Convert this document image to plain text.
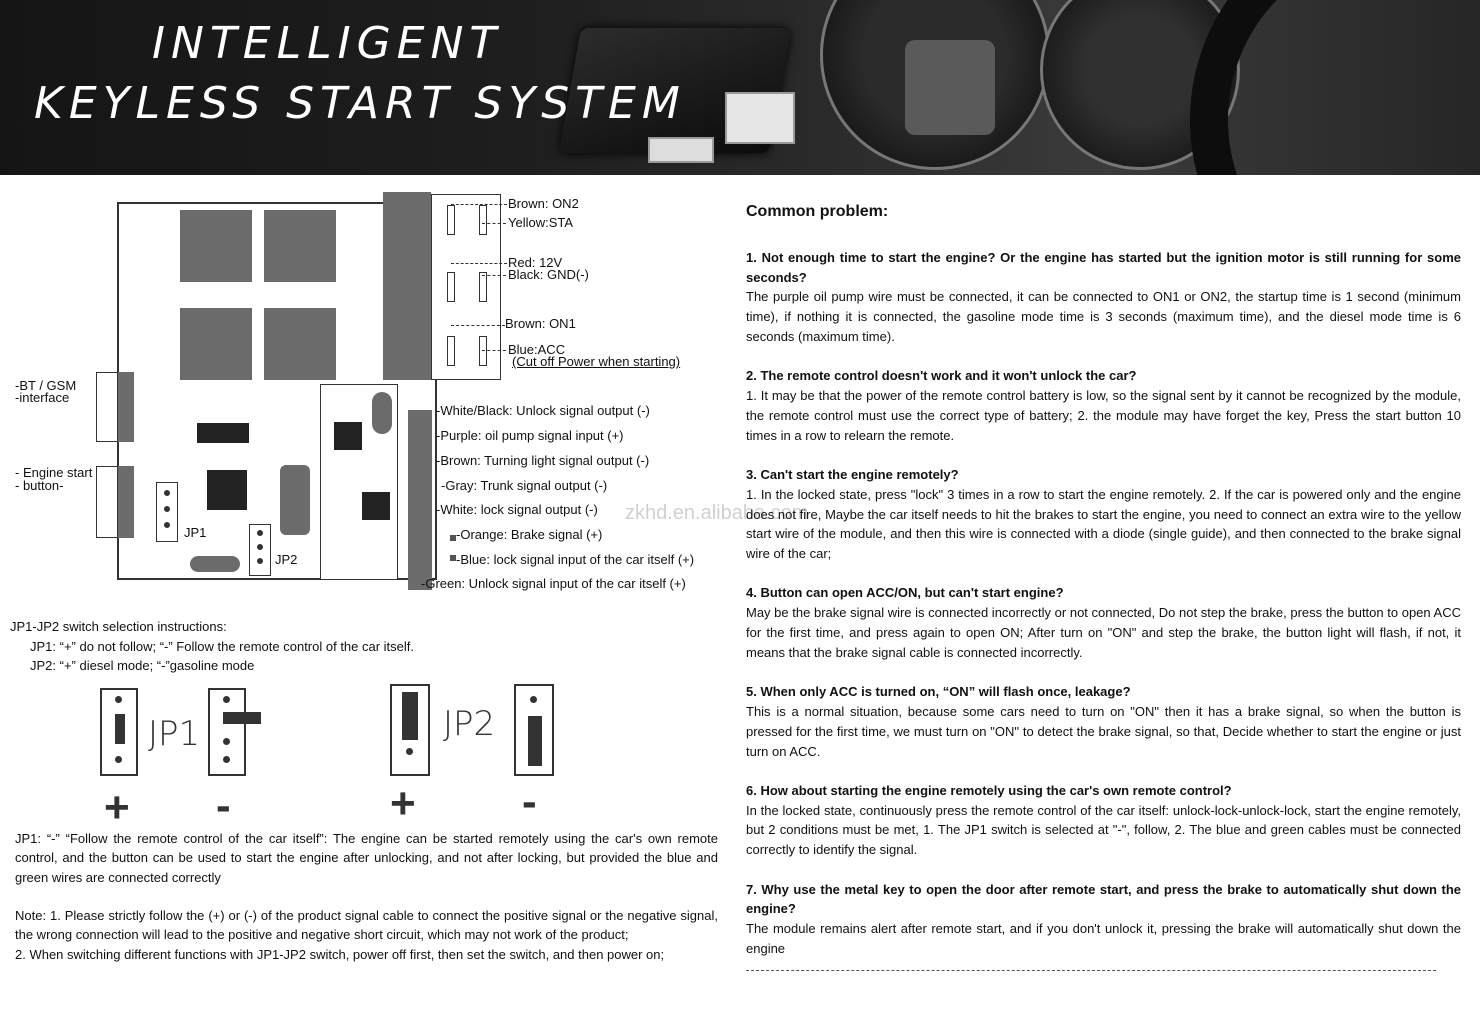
INTELLIGENT
KEYLESS START SYSTEM
Brown: ON2
Yellow:STA
Red: 12V
Black: GND(-)
Brown: ON1
Blue:ACC
(Cut off Power when starting)
-BT / GSM
-interface
- Engine start
- button-
JP1
JP2
-White/Black: Unlock signal output (-)
-Purple: oil pump signal input (+)
-Brown: Turning light signal output (-)
-Gray: Trunk signal output (-)
-White: lock signal output (-)
-Orange: Brake signal (+)
-Blue: lock signal input of the car itself (+)
-Green: Unlock signal input of the car itself (+)
zkhd.en.alibaba.com
JP1-JP2 switch selection instructions:
JP1: “+” do not follow; “-” Follow the remote control of the car itself.
JP2: “+” diesel mode; “-”gasoline mode
JP1
+ -
JP2
+ -
JP1: “-” “Follow the remote control of the car itself”: The engine can be started remotely using the car's own remote control, and the button can be used to start the engine after unlocking, and not after locking, but provided the blue and green wires are connected correctly
Note: 1. Please strictly follow the (+) or (-) of the product signal cable to connect the positive signal or the negative signal, the wrong connection will lead to the positive and negative short circuit, which may not work of the product;
2. When switching different functions with JP1-JP2 switch, power off first, then set the switch, and then power on;
Common problem:
1. Not enough time to start the engine? Or the engine has started but the ignition motor is still running for some seconds?
The purple oil pump wire must be connected, it can be connected to ON1 or ON2, the startup time is 1 second (minimum time), if nothing it is connected, the gasoline mode time is 3 seconds (maximum time), and the diesel mode time is 6 seconds (maximum time).
2. The remote control doesn't work and it won't unlock the car?
1. It may be that the power of the remote control battery is low, so the signal sent by it cannot be recognized by the module, the remote control must use the correct type of battery; 2. the module may have forget the key, Press the start button 10 times in a row to relearn the remote.
3. Can't start the engine remotely?
1. In the locked state, press "lock" 3 times in a row to start the engine remotely. 2. If the car is powered only and the engine does not fire, Maybe the car itself needs to hit the brakes to start the engine, you need to connect an extra wire to the yellow start wire of the module, and then this wire is connected with a diode (single guide), and then connected to the brake signal wire of the car;
4. Button can open ACC/ON, but can't start engine?
May be the brake signal wire is connected incorrectly or not connected, Do not step the brake, press the button to open ACC for the first time, and press again to open ON; After turn on "ON" and step the brake, the button light will flash, if not, it means that the brake signal cable is connected incorrectly.
5. When only ACC is turned on, “ON” will flash once, leakage?
This is a normal situation, because some cars need to turn on "ON" then it has a brake signal, so when the button is pressed for the first time, we must turn on "ON" to detect the brake signal, so that, Decide whether to start the engine or just turn on ACC.
6. How about starting the engine remotely using the car's own remote control?
In the locked state, continuously press the remote control of the car itself: unlock-lock-unlock-lock, start the engine remotely, but 2 conditions must be met, 1. The JP1 switch is selected at "-", follow, 2. The blue and green cables must be connected correctly to identify the signal.
7. Why use the metal key to open the door after remote start, and press the brake to automatically shut down the engine?
The module remains alert after remote start, and if you don't unlock it, pressing the brake will automatically shut down the engine
